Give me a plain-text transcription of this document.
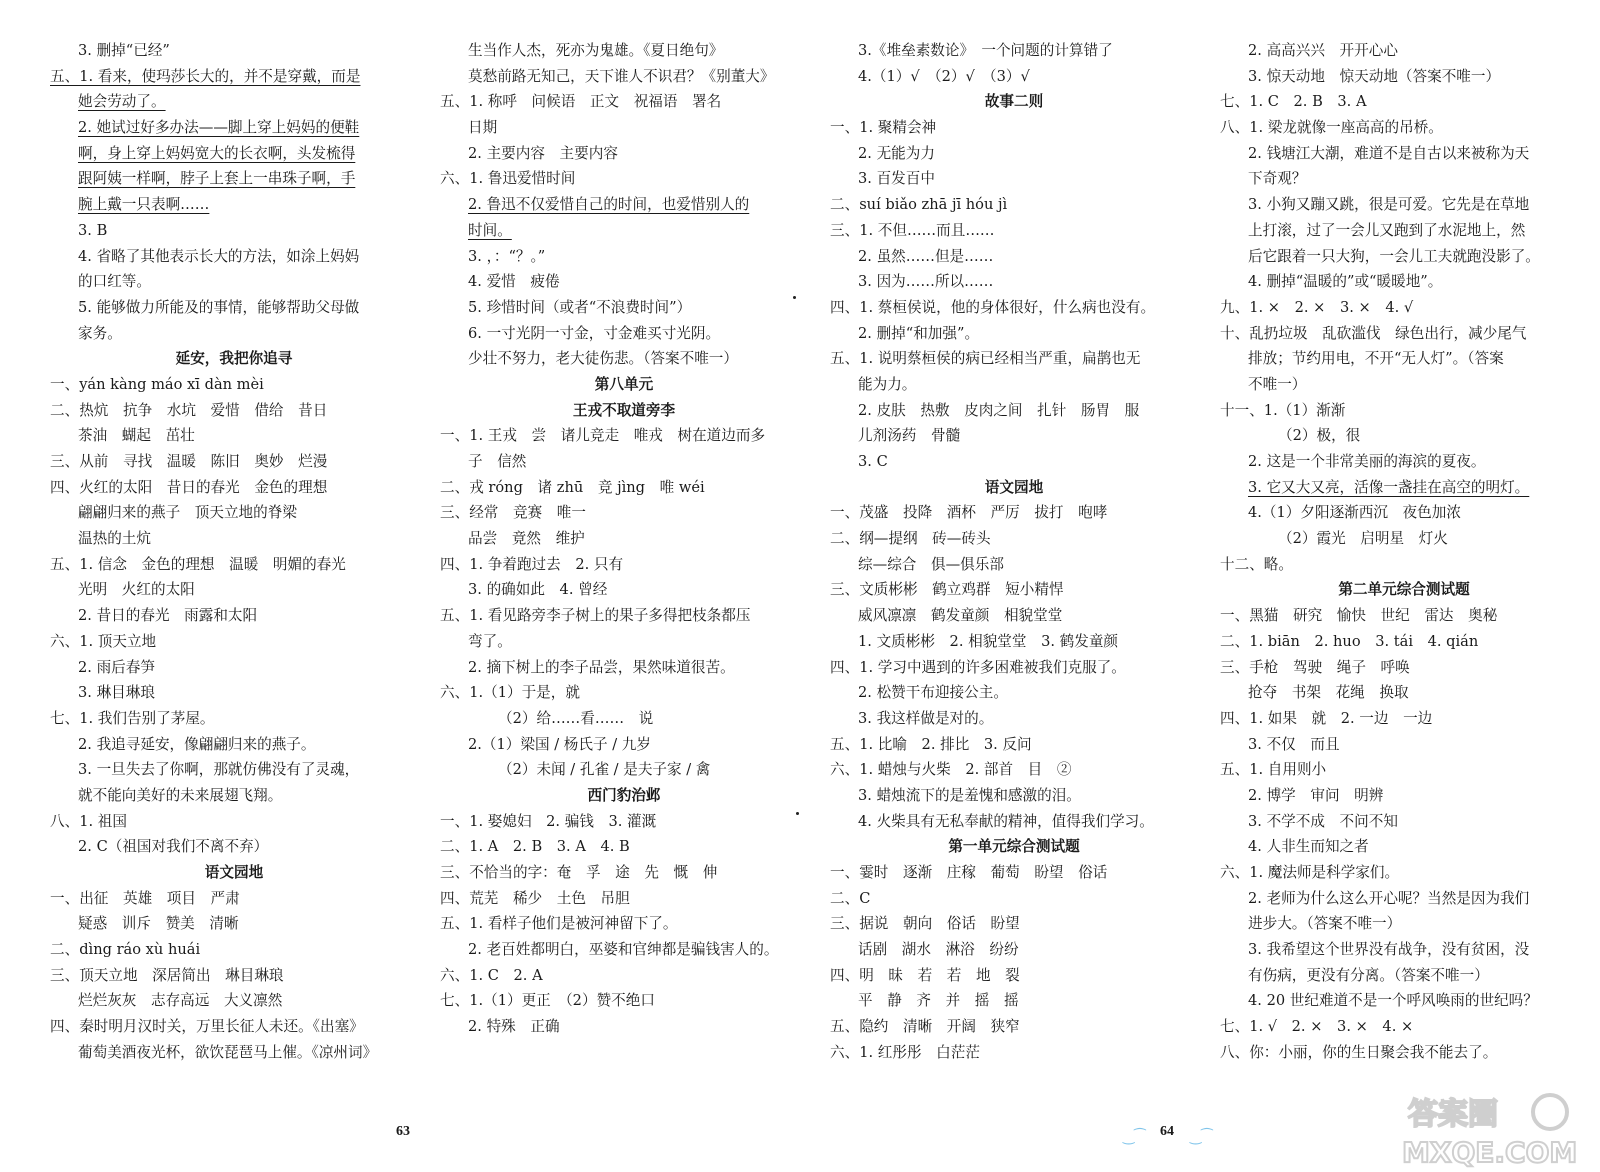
3. 删掉“已经”
五、1. 看来，使玛莎长大的，并不是穿戴，而是
她会劳动了。
2. 她试过好多办法——脚上穿上妈妈的便鞋
啊，身上穿上妈妈宽大的长衣啊，头发梳得
跟阿姨一样啊，脖子上套上一串珠子啊，手
腕上戴一只表啊……
3. B
4. 省略了其他表示长大的方法，如涂上妈妈
的口红等。
5. 能够做力所能及的事情，能够帮助父母做
家务。
延安，我把你追寻
一、yán kàng máo xī dàn mèi
二、热炕　抗争　水坑　爱惜　借给　昔日
茶油　蝴起　茁壮
三、从前　寻找　温暖　陈旧　奥妙　烂漫
四、火红的太阳　昔日的春光　金色的理想
翩翩归来的燕子　顶天立地的脊梁
温热的土炕
五、1. 信念　金色的理想　温暖　明媚的春光
光明　火红的太阳
2. 昔日的春光　雨露和太阳
六、1. 顶天立地
2. 雨后春笋
3. 琳目琳琅
七、1. 我们告别了茅屋。
2. 我追寻延安，像翩翩归来的燕子。
3. 一旦失去了你啊，那就仿佛没有了灵魂，
就不能向美好的未来展翅飞翔。
八、1. 祖国
2. C（祖国对我们不离不弃）
语文园地
一、出征　英雄　项目　严肃
疑惑　训斥　赞美　清晰
二、dìng ráo xù huái
三、顶天立地　深居简出　琳目琳琅
烂烂灰灰　志存高远　大义凛然
四、秦时明月汉时关，万里长征人未还。《出塞》
葡萄美酒夜光杯，欲饮琵琶马上催。《凉州词》
生当作人杰，死亦为鬼雄。《夏日绝句》
莫愁前路无知己，天下谁人不识君？《别董大》
五、1. 称呼　问候语　正文　祝福语　署名
日期
2. 主要内容　主要内容
六、1. 鲁迅爱惜时间
2. 鲁迅不仅爱惜自己的时间，也爱惜别人的
时间。
3. ，：“？。”
4. 爱惜　疲倦
5. 珍惜时间（或者“不浪费时间”）
6. 一寸光阴一寸金，寸金难买寸光阴。
少壮不努力，老大徒伤悲。（答案不唯一）
第八单元
王戎不取道旁李
一、1. 王戎　尝　诸儿竞走　唯戎　树在道边而多
子　信然
二、戎 róng　诸 zhū　竞 jìng　唯 wéi
三、经常　竞赛　唯一
品尝　竟然　维护
四、1. 争着跑过去　2. 只有
3. 的确如此　4. 曾经
五、1. 看见路旁李子树上的果子多得把枝条都压
弯了。
2. 摘下树上的李子品尝，果然味道很苦。
六、1.（1）于是，就
（2）给……看……　说
2.（1）梁国 / 杨氏子 / 九岁
（2）未闻 / 孔雀 / 是夫子家 / 禽
西门豹治邺
一、1. 娶媳妇　2. 骗钱　3. 灌溉
二、1. A　2. B　3. A　4. B
三、不恰当的字：奄　孚　途　先　慨　伸
四、荒芜　稀少　土色　吊胆
五、1. 看样子他们是被河神留下了。
2. 老百姓都明白，巫婆和官绅都是骗钱害人的。
六、1. C　2. A
七、1.（1）更正　（2）赞不绝口
2. 特殊　正确
3.《堆垒素数论》　一个问题的计算错了
4.（1）√　（2）√　（3）√
故事二则
一、1. 聚精会神
2. 无能为力
3. 百发百中
二、suí biǎo zhā jī hóu jì
三、1. 不但……而且……
2. 虽然……但是……
3. 因为……所以……
四、1. 蔡桓侯说，他的身体很好，什么病也没有。
2. 删掉“和加强”。
五、1. 说明蔡桓侯的病已经相当严重，扁鹊也无
能为力。
2. 皮肤　热敷　皮肉之间　扎针　肠胃　服
儿剂汤药　骨髓
3. C
语文园地
一、茂盛　投降　酒杯　严厉　拔打　咆哮
二、纲—提纲　砖—砖头
综—综合　俱—俱乐部
三、文质彬彬　鹤立鸡群　短小精悍
威风凛凛　鹤发童颜　相貌堂堂
1. 文质彬彬　2. 相貌堂堂　3. 鹤发童颜
四、1. 学习中遇到的许多困难被我们克服了。
2. 松赞干布迎接公主。
3. 我这样做是对的。
五、1. 比喻　2. 排比　3. 反问
六、1. 蜡烛与火柴　2. 部首　目　②
3. 蜡烛流下的是羞愧和感激的泪。
4. 火柴具有无私奉献的精神，值得我们学习。
第一单元综合测试题
一、霎时　逐渐　庄稼　葡萄　盼望　俗话
二、C
三、据说　朝向　俗话　盼望
话剧　湖水　淋浴　纷纷
四、明　昧　若　若　地　裂
平　静　齐　并　摇　摇
五、隐约　清晰　开阔　狭窄
六、1. 红彤彤　白茫茫
2. 高高兴兴　开开心心
3. 惊天动地　惊天动地（答案不唯一）
七、1. C　2. B　3. A
八、1. 梁龙就像一座高高的吊桥。
2. 钱塘江大潮，难道不是自古以来被称为天
下奇观？
3. 小狗又蹦又跳，很是可爱。它先是在草地
上打滚，过了一会儿又跑到了水泥地上，然
后它跟着一只大狗，一会儿工夫就跑没影了。
4. 删掉“温暖的”或“暖暖地”。
九、1. ×　2. ×　3. ×　4. √
十、乱扔垃圾　乱砍滥伐　绿色出行，减少尾气
排放；节约用电，不开“无人灯”。（答案
不唯一）
十一、1.（1）渐渐
（2）极，很
2. 这是一个非常美丽的海滨的夏夜。
3. 它又大又亮，活像一盏挂在高空的明灯。
4.（1）夕阳逐渐西沉　夜色加浓
（2）霞光　启明星　灯火
十二、略。
第二单元综合测试题
一、黑猫　研究　愉快　世纪　雷达　奥秘
二、1. biān　2. huo　3. tái　4. qián
三、手枪　驾驶　绳子　呼唤
抢夺　书架　花绳　换取
四、1. 如果　就　2. 一边　一边
3. 不仅　而且
五、1. 自用则小
2. 博学　审问　明辨
3. 不学不成　不问不知
4. 人非生而知之者
六、1. 魔法师是科学家们。
2. 老师为什么这么开心呢？当然是因为我们
进步大。（答案不唯一）
3. 我希望这个世界没有战争，没有贫困，没
有伤病，更没有分离。（答案不唯一）
4. 20 世纪难道不是一个呼风唤雨的世纪吗？
七、1. √　2. ×　3. ×　4. ×
八、你：小丽，你的生日聚会我不能去了。
63	‿⁀ 64 ‿⁀
答案圈
MXQE.COM
